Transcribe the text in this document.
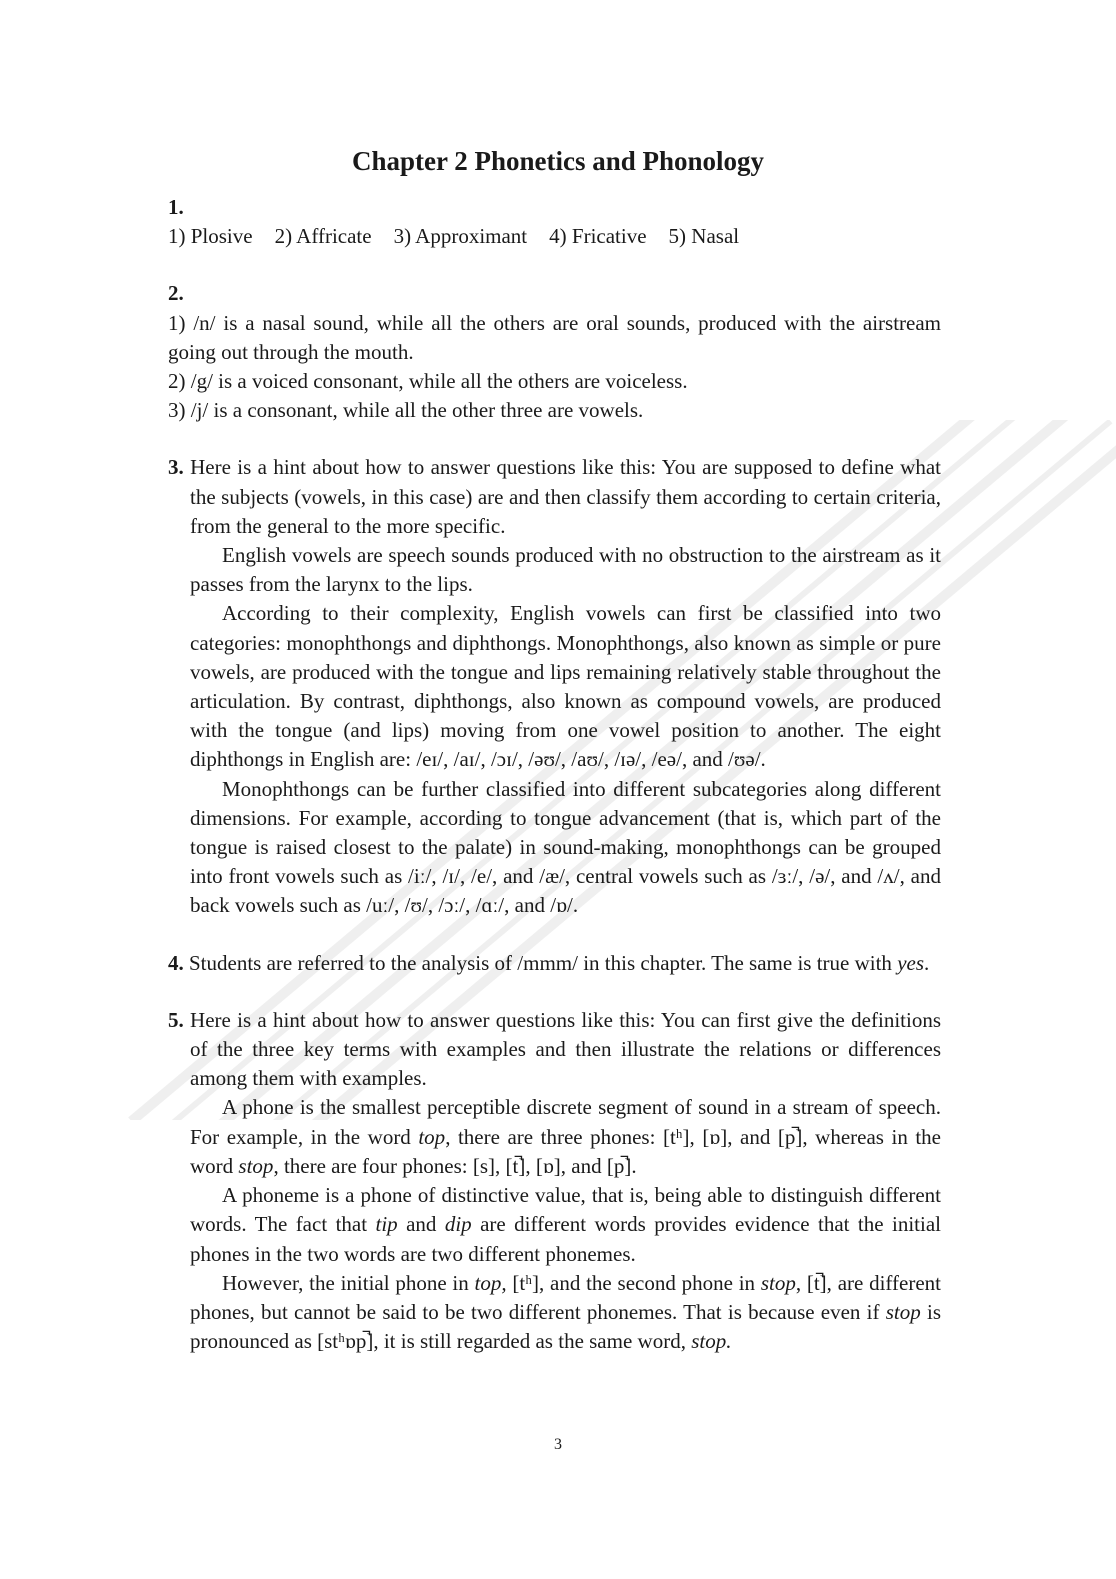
Chapter 2 Phonetics and Phonology

1.

1) Plosive 2) Affricate 3) Approximant 4) Fricative 5) Nasal

2.

1) /n/ is a nasal sound, while all the others are oral sounds, produced with the airstream going out through the mouth.

2) /g/ is a voiced consonant, while all the others are voiceless.

3) /j/ is a consonant, while all the other three are vowels.

3. Here is a hint about how to answer questions like this: You are supposed to define what the subjects (vowels, in this case) are and then classify them according to certain criteria, from the general to the more specific.

English vowels are speech sounds produced with no obstruction to the airstream as it passes from the larynx to the lips.

According to their complexity, English vowels can first be classified into two categories: monophthongs and diphthongs. Monophthongs, also known as simple or pure vowels, are produced with the tongue and lips remaining relatively stable throughout the articulation. By contrast, diphthongs, also known as compound vowels, are produced with the tongue (and lips) moving from one vowel position to another. The eight diphthongs in English are: /eɪ/, /aɪ/, /ɔɪ/, /əʊ/, /aʊ/, /ɪə/, /eə/, and /ʊə/.

Monophthongs can be further classified into different subcategories along different dimensions. For example, according to tongue advancement (that is, which part of the tongue is raised closest to the palate) in sound-making, monophthongs can be grouped into front vowels such as /iː/, /ɪ/, /e/, and /æ/, central vowels such as /ɜː/, /ə/, and /ʌ/, and back vowels such as /uː/, /ʊ/, /ɔː/, /ɑː/, and /ɒ/.

4. Students are referred to the analysis of /mmm/ in this chapter. The same is true with yes.

5. Here is a hint about how to answer questions like this: You can first give the definitions of the three key terms with examples and then illustrate the relations or differences among them with examples.

A phone is the smallest perceptible discrete segment of sound in a stream of speech. For example, in the word top, there are three phones: [tʰ], [ɒ], and [p̚], whereas in the word stop, there are four phones: [s], [t̚], [ɒ], and [p̚].

A phoneme is a phone of distinctive value, that is, being able to distinguish different words. The fact that tip and dip are different words provides evidence that the initial phones in the two words are two different phonemes.

However, the initial phone in top, [tʰ], and the second phone in stop, [t̚], are different phones, but cannot be said to be two different phonemes. That is because even if stop is pronounced as [stʰɒp̚], it is still regarded as the same word, stop.

3
